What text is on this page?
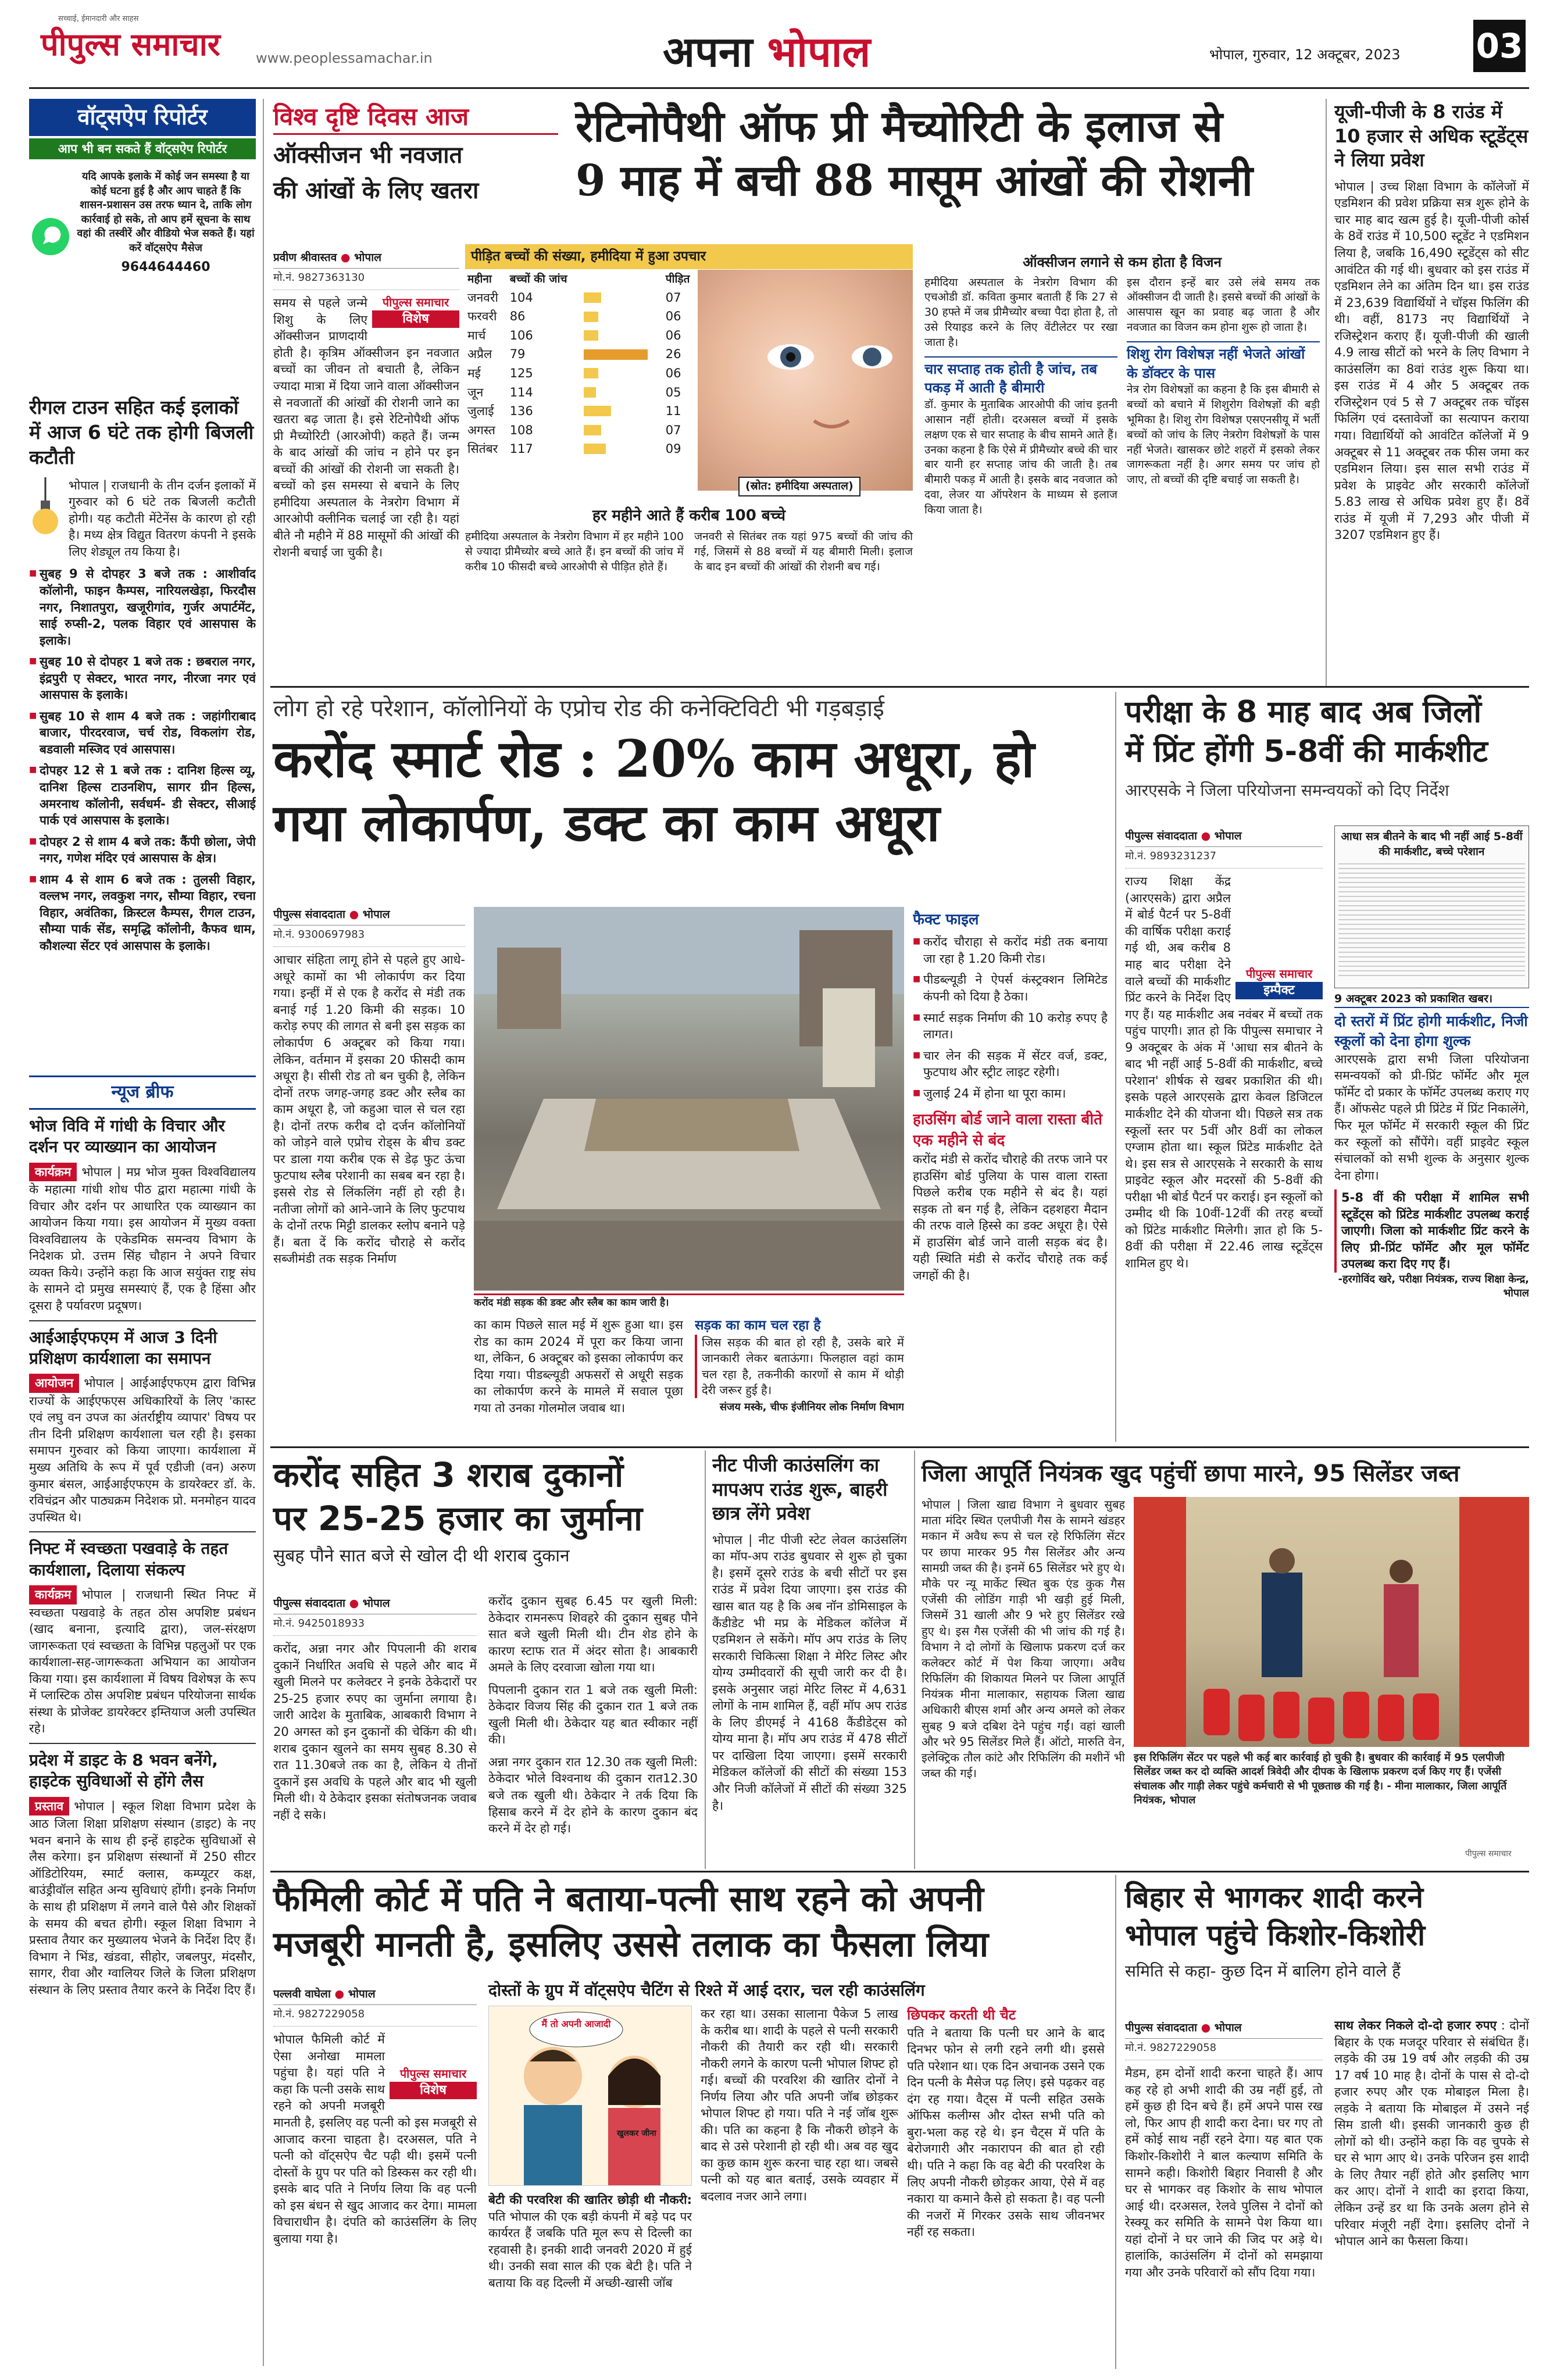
पीपुल्स समाचार
सच्चाई, ईमानदारी और साहस
www.peoplessamachar.in	अपना भोपाल	भोपाल, गुरुवार, 12 अक्टूबर, 2023 03
वॉट्सऐप रिपोर्टर
आप भी बन सकते हैं वॉट्सऐप रिपोर्टर
यदि आपके इलाके में कोई जन समस्या है या कोई घटना हुई है और आप चाहते हैं कि शासन-प्रशासन उस तरफ ध्यान दे, ताकि लोग कार्रवाई हो सके, तो आप हमें सूचना के साथ वहां की तस्वीरें और वीडियो भेज सकते हैं। यहां करें वॉट्सऐप मैसेज
9644644460
रीगल टाउन सहित कई इलाकों में आज 6 घंटे तक होगी बिजली कटौती
भोपाल | राजधानी के तीन दर्जन इलाकों में गुरुवार को 6 घंटे तक बिजली कटौती होगी। यह कटौती मेंटेनेंस के कारण हो रही है। मध्य क्षेत्र विद्युत वितरण कंपनी ने इसके लिए शेड्यूल तय किया है।
■ सुबह 9 से दोपहर 3 बजे तक : आशीर्वाद कॉलोनी, फाइन कैम्पस, नारियलखेड़ा, फिरदौस नगर, निशातपुरा, खजूरीगांव, गुर्जर अपार्टमेंट, साई रुप्सी-2, पलक विहार एवं आसपास के इलाके।
■ सुबह 10 से दोपहर 1 बजे तक : छबराल नगर, इंद्रपुरी ए सेक्टर, भारत नगर, नीरजा नगर एवं आसपास के इलाके।
■ सुबह 10 से शाम 4 बजे तक : जहांगीराबाद बाजार, पीरदरवाज, चर्च रोड, विकलांग रोड, बडवाली मस्जिद एवं आसपास।
■ दोपहर 12 से 1 बजे तक : दानिश हिल्स व्यू, दानिश हिल्स टाउनशिप, सागर ग्रीन हिल्स, अमरनाथ कॉलोनी, सर्वधर्म- डी सेक्टर, सीआई पार्क एवं आसपास के इलाके।
■ दोपहर 2 से शाम 4 बजे तक: कैंपी छोला, जेपी नगर, गणेश मंदिर एवं आसपास के क्षेत्र।
■ शाम 4 से शाम 6 बजे तक : तुलसी विहार, वल्लभ नगर, लवकुश नगर, सौम्या विहार, रचना विहार, अवंतिका, क्रिस्टल कैम्पस, रीगल टाउन, सौम्या पार्क सेंड, समृद्धि कॉलोनी, कैफव धाम, कौशल्या सेंटर एवं आसपास के इलाके।
न्यूज ब्रीफ
भोज विवि में गांधी के विचार और दर्शन पर व्याख्यान का आयोजन
कार्यक्रम भोपाल | मप्र भोज मुक्त विश्वविद्यालय के महात्मा गांधी शोध पीठ द्वारा महात्मा गांधी के विचार और दर्शन पर आधारित एक व्याख्यान का आयोजन किया गया। इस आयोजन में मुख्य वक्ता विश्वविद्यालय के एकेडमिक समन्वय विभाग के निदेशक प्रो. उत्तम सिंह चौहान ने अपने विचार व्यक्त किये। उन्होंने कहा कि आज सयुंक्त राष्ट्र संघ के सामने दो प्रमुख समस्याएं हैं, एक है हिंसा और दूसरा है पर्यावरण प्रदूषण।
आईआईएफएम में आज 3 दिनी प्रशिक्षण कार्यशाला का समापन
आयोजन भोपाल | आईआईएफएम द्वारा विभिन्न राज्यों के आईएफएस अधिकारियों के लिए 'कास्ट एवं लघु वन उपज का अंतर्राष्ट्रीय व्यापार' विषय पर तीन दिनी प्रशिक्षण कार्यशाला चल रही है। इसका समापन गुरुवार को किया जाएगा। कार्यशाला में मुख्य अतिथि के रूप में पूर्व एडीजी (वन) अरुण कुमार बंसल, आईआईएफएम के डायरेक्टर डॉ. के. रविचंद्रन और पाठ्यक्रम निदेशक प्रो. मनमोहन यादव उपस्थित थे।
निफ्ट में स्वच्छता पखवाड़े के तहत कार्यशाला, दिलाया संकल्प
कार्यक्रम भोपाल | राजधानी स्थित निफ्ट में स्वच्छता पखवाड़े के तहत ठोस अपशिष्ट प्रबंधन (खाद बनाना, इत्यादि द्वारा), जल-संरक्षण जागरूकता एवं स्वच्छता के विभिन्न पहलुओं पर एक कार्यशाला-सह-जागरूकता अभियान का आयोजन किया गया। इस कार्यशाला में विषय विशेषज्ञ के रूप में प्लास्टिक ठोस अपशिष्ट प्रबंधन परियोजना सार्थक संस्था के प्रोजेक्ट डायरेक्टर इम्तियाज अली उपस्थित रहे।
प्रदेश में डाइट के 8 भवन बनेंगे, हाइटेक सुविधाओं से होंगे लैस
प्रस्ताव भोपाल | स्कूल शिक्षा विभाग प्रदेश के आठ जिला शिक्षा प्रशिक्षण संस्थान (डाइट) के नए भवन बनाने के साथ ही इन्हें हाइटेक सुविधाओं से लैस करेगा। इन प्रशिक्षण संस्थानों में 250 सीटर ऑडिटोरियम, स्मार्ट क्लास, कम्प्यूटर कक्ष, बाउंड्रीवॉल सहित अन्य सुविधाएं होंगी। इनके निर्माण के साथ ही प्रशिक्षण में लगने वाले पैसे और शिक्षकों के समय की बचत होगी। स्कूल शिक्षा विभाग ने प्रस्ताव तैयार कर मुख्यालय भेजने के निर्देश दिए हैं। विभाग ने भिंड, खंडवा, सीहोर, जबलपुर, मंदसौर, सागर, रीवा और ग्वालियर जिले के जिला प्रशिक्षण संस्थान के लिए प्रस्ताव तैयार करने के निर्देश दिए हैं।
विश्व दृष्टि दिवस आज
ऑक्सीजन भी नवजात
की आंखों के लिए खतरा
रेटिनोपैथी ऑफ प्री मैच्योरिटी के इलाज से
9 माह में बची 88 मासूम आंखों की रोशनी
प्रवीण श्रीवास्तव ● भोपाल
मो.नं. 9827363130
पीपुल्स समाचार
विशेष
समय से पहले जन्मे शिशु के लिए ऑक्सीजन प्राणदायी होती है। कृत्रिम ऑक्सीजन इन नवजात बच्चों का जीवन तो बचाती है, लेकिन ज्यादा मात्रा में दिया जाने वाला ऑक्सीजन से नवजातों की आंखों की रोशनी जाने का खतरा बढ़ जाता है। इसे रेटिनोपैथी ऑफ प्री मैच्योरिटी (आरओपी) कहते हैं। जन्म के बाद आंखों की जांच न होने पर इन बच्चों की आंखों की रोशनी जा सकती है। बच्चों को इस समस्या से बचाने के लिए हमीदिया अस्पताल के नेत्ररोग विभाग में आरओपी क्लीनिक चलाई जा रही है। यहां बीते नौ महीने में 88 मासूमों की आंखों की रोशनी बचाई जा चुकी है।
पीड़ित बच्चों की संख्या, हमीदिया में हुआ उपचार
महीना	बच्चों की जांच		पीड़ित
जनवरी	104		07
फरवरी	86		06
मार्च	106		06
अप्रैल	79		26
मई	125		06
जून	114		05
जुलाई	136		11
अगस्त	108		07
सितंबर	117		09
(स्रोत: हमीदिया अस्पताल)
हर महीने आते हैं करीब 100 बच्चे
हमीदिया अस्पताल के नेत्ररोग विभाग में हर महीने 100 से ज्यादा प्रीमैच्योर बच्चे आते हैं। इन बच्चों की जांच में करीब 10 फीसदी बच्चे आरओपी से पीड़ित होते हैं।
जनवरी से सितंबर तक यहां 975 बच्चों की जांच की गई, जिसमें से 88 बच्चों में यह बीमारी मिली। इलाज के बाद इन बच्चों की आंखों की रोशनी बच गई।
ऑक्सीजन लगाने से कम होता है विजन
हमीदिया अस्पताल के नेत्ररोग विभाग की एचओडी डॉ. कविता कुमार बताती हैं कि 27 से 30 हफ्ते में जब प्रीमैच्योर बच्चा पैदा होता है, तो उसे रियाइड करने के लिए वेंटीलेटर पर रखा जाता है।
चार सप्ताह तक होती है जांच, तब पकड़ में आती है बीमारी
डॉ. कुमार के मुताबिक आरओपी की जांच इतनी आसान नहीं होती। दरअसल बच्चों में इसके लक्षण एक से चार सप्ताह के बीच सामने आते हैं। उनका कहना है कि ऐसे में प्रीमैच्योर बच्चे की चार बार यानी हर सप्ताह जांच की जाती है। तब बीमारी पकड़ में आती है। इसके बाद नवजात को दवा, लेजर या ऑपरेशन के माध्यम से इलाज किया जाता है।
इस दौरान इन्हें बार उसे लंबे समय तक ऑक्सीजन दी जाती है। इससे बच्चों की आंखों के आसपास खून का प्रवाह बढ़ जाता है और नवजात का विजन कम होना शुरू हो जाता है।
शिशु रोग विशेषज्ञ नहीं भेजते आंखों के डॉक्टर के पास
नेत्र रोग विशेषज्ञों का कहना है कि इस बीमारी से बच्चों को बचाने में शिशुरोग विशेषज्ञों की बड़ी भूमिका है। शिशु रोग विशेषज्ञ एसएनसीयू में भर्ती बच्चों को जांच के लिए नेत्ररोग विशेषज्ञों के पास नहीं भेजते। खासकर छोटे शहरों में इसको लेकर जागरूकता नहीं है। अगर समय पर जांच हो जाए, तो बच्चों की दृष्टि बचाई जा सकती है।
यूजी-पीजी के 8 राउंड में 10 हजार से अधिक स्टूडेंट्स ने लिया प्रवेश
भोपाल | उच्च शिक्षा विभाग के कॉलेजों में एडमिशन की प्रवेश प्रक्रिया सत्र शुरू होने के चार माह बाद खत्म हुई है। यूजी-पीजी कोर्स के 8वें राउंड में 10,500 स्टूडेंट ने एडमिशन लिया है, जबकि 16,490 स्टूडेंट्स को सीट आवंटित की गई थी। बुधवार को इस राउंड में एडमिशन लेने का अंतिम दिन था। इस राउंड में 23,639 विद्यार्थियों ने चॉइस फिलिंग की थी। वहीं, 8173 नए विद्यार्थियों ने रजिस्ट्रेशन कराए हैं। यूजी-पीजी की खाली 4.9 लाख सीटों को भरने के लिए विभाग ने काउंसलिंग का 8वां राउंड शुरू किया था। इस राउंड में 4 और 5 अक्टूबर तक रजिस्ट्रेशन एवं 5 से 7 अक्टूबर तक चॉइस फिलिंग एवं दस्तावेजों का सत्यापन कराया गया। विद्यार्थियों को आवंटित कॉलेजों में 9 अक्टूबर से 11 अक्टूबर तक फीस जमा कर एडमिशन लिया। इस साल सभी राउंड में प्रवेश के प्राइवेट और सरकारी कॉलेजों 5.83 लाख से अधिक प्रवेश हुए हैं। 8वें राउंड में यूजी में 7,293 और पीजी में 3207 एडमिशन हुए हैं।
लोग हो रहे परेशान, कॉलोनियों के एप्रोच रोड की कनेक्टिविटी भी गड़बड़ाई
करोंद स्मार्ट रोड : 20% काम अधूरा, हो
गया लोकार्पण, डक्ट का काम अधूरा
पीपुल्स संवाददाता ● भोपाल
मो.नं. 9300697983
आचार संहिता लागू होने से पहले हुए आधे-अधूरे कामों का भी लोकार्पण कर दिया गया। इन्हीं में से एक है करोंद से मंडी तक बनाई गई 1.20 किमी की सड़क। 10 करोड़ रुपए की लागत से बनी इस सड़क का लोकार्पण 6 अक्टूबर को किया गया। लेकिन, वर्तमान में इसका 20 फीसदी काम अधूरा है। सीसी रोड तो बन चुकी है, लेकिन दोनों तरफ जगह-जगह डक्ट और स्लैब का काम अधूरा है, जो कहुआ चाल से चल रहा है। दोनों तरफ करीब दो दर्जन कॉलोनियों को जोड़ने वाले एप्रोच रोड्स के बीच डक्ट पर डाला गया करीब एक से डेढ़ फुट ऊंचा फुटपाथ स्लैब परेशानी का सबब बन रहा है। इससे रोड से लिंकलिंग नहीं हो रही है। नतीजा लोगों को आने-जाने के लिए फुटपाथ के दोनों तरफ मिट्टी डालकर स्लोप बनाने पड़े हैं। बता दें कि करोंद चौराहे से करोंद सब्जीमंडी तक सड़क निर्माण
करोंद मंडी सड़क की डक्ट और स्लैब का काम जारी है।
का काम पिछले साल मई में शुरू हुआ था। इस रोड का काम 2024 में पूरा कर किया जाना था, लेकिन, 6 अक्टूबर को इसका लोकार्पण कर दिया गया। पीडब्ल्यूडी अफसरों से अधूरी सड़क का लोकार्पण करने के मामले में सवाल पूछा गया तो उनका गोलमोल जवाब था।
सड़क का काम चल रहा है
जिस सड़क की बात हो रही है, उसके बारे में जानकारी लेकर बताऊंगा। फिलहाल वहां काम चल रहा है, तकनीकी कारणों से काम में थोड़ी देरी जरूर हुई है।
संजय मस्के, चीफ इंजीनियर लोक निर्माण विभाग
फैक्ट फाइल
■ करोंद चौराहा से करोंद मंडी तक बनाया जा रहा है 1.20 किमी रोड।
■ पीडब्ल्यूडी ने ऐपर्स कंस्ट्रक्शन लिमिटेड कंपनी को दिया है ठेका।
■ स्मार्ट सड़क निर्माण की 10 करोड़ रुपए है लागत।
■ चार लेन की सड़क में सेंटर वर्ज, डक्ट, फुटपाथ और स्ट्रीट लाइट रहेगी।
■ जुलाई 24 में होना था पूरा काम।
हाउसिंग बोर्ड जाने वाला रास्ता बीते एक महीने से बंद
करोंद मंडी से करोंद चौराहे की तरफ जाने पर हाउसिंग बोर्ड पुलिया के पास वाला रास्ता पिछले करीब एक महीने से बंद है। यहां सड़क तो बन गई है, लेकिन दहशहरा मैदान की तरफ वाले हिस्से का डक्ट अधूरा है। ऐसे में हाउसिंग बोर्ड जाने वाली सड़क बंद है। यही स्थिति मंडी से करोंद चौराहे तक कई जगहों की है।
परीक्षा के 8 माह बाद अब जिलों
में प्रिंट होंगी 5-8वीं की मार्कशीट
आरएसके ने जिला परियोजना समन्वयकों को दिए निर्देश
पीपुल्स संवाददाता ● भोपाल
मो.नं. 9893231237
पीपुल्स समाचार
इम्पैक्ट
राज्य शिक्षा केंद्र (आरएसके) द्वारा अप्रैल में बोर्ड पैटर्न पर 5-8वीं की वार्षिक परीक्षा कराई गई थी, अब करीब 8 माह बाद परीक्षा देने वाले बच्चों की मार्कशीट प्रिंट करने के निर्देश दिए गए हैं। यह मार्कशीट अब नवंबर में बच्चों तक पहुंच पाएगी। ज्ञात हो कि पीपुल्स समाचार ने 9 अक्टूबर के अंक में 'आधा सत्र बीतने के बाद भी नहीं आई 5-8वीं की मार्कशीट, बच्चे परेशान' शीर्षक से खबर प्रकाशित की थी। इसके पहले आरएसके द्वारा केवल डिजिटल मार्कशीट देने की योजना थी। पिछले सत्र तक स्कूलों स्तर पर 5वीं और 8वीं का लोकल एग्जाम होता था। स्कूल प्रिंटेड मार्कशीट देते थे। इस सत्र से आरएसके ने सरकारी के साथ प्राइवेट स्कूल और मदरसों की 5-8वीं की परीक्षा भी बोर्ड पैटर्न पर कराई। इन स्कूलों को उम्मीद थी कि 10वीं-12वीं की तरह बच्चों को प्रिंटेड मार्कशीट मिलेगी। ज्ञात हो कि 5-8वीं की परीक्षा में 22.46 लाख स्टूडेंट्स शामिल हुए थे।
आधा सत्र बीतने के बाद भी नहीं आई 5-8वीं की मार्कशीट, बच्चे परेशान
9 अक्टूबर 2023 को प्रकाशित खबर।
दो स्तरों में प्रिंट होगी मार्कशीट, निजी स्कूलों को देना होगा शुल्क
आरएसके द्वारा सभी जिला परियोजना समन्वयकों को प्री-प्रिंट फॉर्मेट और मूल फॉर्मेट दो प्रकार के फॉर्मेट उपलब्ध कराए गए हैं। ऑफसेट पहले प्री प्रिंटेड में प्रिंट निकालेंगे, फिर मूल फॉर्मेट में सरकारी स्कूल की प्रिंट कर स्कूलों को सौंपेंगे। वहीं प्राइवेट स्कूल संचालकों को सभी शुल्क के अनुसार शुल्क देना होगा।
5-8 वीं की परीक्षा में शामिल सभी स्टूडेंट्स को प्रिंटेड मार्कशीट उपलब्ध कराई जाएगी। जिला को मार्कशीट प्रिंट करने के लिए प्री-प्रिंट फॉर्मेट और मूल फॉर्मेट उपलब्ध करा दिए गए हैं।
-हरगोविंद खरे, परीक्षा नियंत्रक, राज्य शिक्षा केन्द्र, भोपाल
करोंद सहित 3 शराब दुकानों
पर 25-25 हजार का जुर्माना
सुबह पौने सात बजे से खोल दी थी शराब दुकान
पीपुल्स संवाददाता ● भोपाल
मो.नं. 9425018933
करोंद, अन्ना नगर और पिपलानी की शराब दुकानें निर्धारित अवधि से पहले और बाद में खुली मिलने पर कलेक्टर ने इनके ठेकेदारों पर 25-25 हजार रुपए का जुर्माना लगाया है। जारी आदेश के मुताबिक, आबकारी विभाग ने 20 अगस्त को इन दुकानों की चेकिंग की थी। शराब दुकान खुलने का समय सुबह 8.30 से रात 11.30बजे तक का है, लेकिन ये तीनों दुकानें इस अवधि के पहले और बाद भी खुली मिली थी। ये ठेकेदार इसका संतोषजनक जवाब नहीं दे सके।
करोंद दुकान सुबह 6.45 पर खुली मिली: ठेकेदार रामनरूप शिवहरे की दुकान सुबह पौने सात बजे खुली मिली थी। टीन शेड होने के कारण स्टाफ रात में अंदर सोता है। आबकारी अमले के लिए दरवाजा खोला गया था।
पिपलानी दुकान रात 1 बजे तक खुली मिली: ठेकेदार विजय सिंह की दुकान रात 1 बजे तक खुली मिली थी। ठेकेदार यह बात स्वीकार नहीं की।
अन्ना नगर दुकान रात 12.30 तक खुली मिली: ठेकेदार भोले विश्वनाथ की दुकान रात12.30 बजे तक खुली थी। ठेकेदार ने तर्क दिया कि हिसाब करने में देर होने के कारण दुकान बंद करने में देर हो गई।
नीट पीजी काउंसलिंग का मापअप राउंड शुरू, बाहरी छात्र लेंगे प्रवेश
भोपाल | नीट पीजी स्टेट लेवल काउंसलिंग का मॉप-अप राउंड बुधवार से शुरू हो चुका है। इसमें दूसरे राउंड के बची सीटों पर इस राउंड में प्रवेश दिया जाएगा। इस राउंड की खास बात यह है कि अब नॉन डोमिसाइल के कैंडीडेट भी मप्र के मेडिकल कॉलेज में एडमिशन ले सकेंगे। मॉप अप राउंड के लिए सरकारी चिकित्सा शिक्षा ने मेरिट लिस्ट और योग्य उम्मीदवारों की सूची जारी कर दी है। इसके अनुसार जहां मेरिट लिस्ट में 4,631 लोगों के नाम शामिल हैं, वहीं मॉप अप राउंड के लिए डीएमई ने 4168 कैंडीडेट्स को योग्य माना है। मॉप अप राउंड में 478 सीटों पर दाखिला दिया जाएगा। इसमें सरकारी मेडिकल कॉलेजों की सीटों की संख्या 153 और निजी कॉलेजों में सीटों की संख्या 325 है।
जिला आपूर्ति नियंत्रक खुद पहुंचीं छापा मारने, 95 सिलेंडर जब्त
भोपाल | जिला खाद्य विभाग ने बुधवार सुबह माता मंदिर स्थित एलपीजी गैस के सामने खंडहर मकान में अवैध रूप से चल रहे रिफिलिंग सेंटर पर छापा मारकर 95 गैस सिलेंडर और अन्य सामग्री जब्त की है। इनमें 65 सिलेंडर भरे हुए थे। मौके पर न्यू मार्केट स्थित बुक एंड कुक गैस एजेंसी की लोडिंग गाड़ी भी खड़ी हुई मिली, जिसमें 31 खाली और 9 भरे हुए सिलेंडर रखे हुए थे। इस गैस एजेंसी की भी जांच की गई है। विभाग ने दो लोगों के खिलाफ प्रकरण दर्ज कर कलेक्टर कोर्ट में पेश किया जाएगा। अवैध रिफिलिंग की शिकायत मिलने पर जिला आपूर्ति नियंत्रक मीना मालाकार, सहायक जिला खाद्य अधिकारी बीएस शर्मा और अन्य अमले को लेकर सुबह 9 बजे दबिश देने पहुंच गईं। वहां खाली और भरे 95 सिलेंडर मिले हैं। ऑटो, मारुति वेन, इलेक्ट्रिक तौल कांटे और रिफिलिंग की मशीनें भी जब्त की गई।
इस रिफिलिंग सेंटर पर पहले भी कई बार कार्रवाई हो चुकी है। बुधवार की कार्रवाई में 95 एलपीजी सिलेंडर जब्त कर दो व्यक्ति आदर्श त्रिवेदी और दीपक के खिलाफ प्रकरण दर्ज किए गए हैं। एजेंसी संचालक और गाड़ी लेकर पहुंचे कर्मचारी से भी पूछताछ की गई है। - मीना मालाकार, जिला आपूर्ति नियंत्रक, भोपाल
पीपुल्स समाचार
फैमिली कोर्ट में पति ने बताया-पत्नी साथ रहने को अपनी
मजबूरी मानती है, इसलिए उससे तलाक का फैसला लिया
पल्लवी वाघेला ● भोपाल
मो.नं. 9827229058
पीपुल्स समाचार
विशेष
भोपाल फैमिली कोर्ट में ऐसा अनोखा मामला पहुंचा है। यहां पति ने कहा कि पत्नी उसके साथ रहने को अपनी मजबूरी मानती है, इसलिए वह पत्नी को इस मजबूरी से आजाद करना चाहता है। दरअसल, पति ने पत्नी को वॉट्सऐप चैट पढ़ी थी। इसमें पत्नी दोस्तों के ग्रुप पर पति को डिस्कस कर रही थी। इसके बाद पति ने निर्णय लिया कि वह पत्नी को इस बंधन से खुद आजाद कर देगा। मामला विचाराधीन है। दंपति को काउंसलिंग के लिए बुलाया गया है।
दोस्तों के ग्रुप में वॉट्सऐप चैटिंग से रिश्ते में आई दरार, चल रही काउंसलिंग
मैं तो अपनी आजादी
खुलकर जीना
बेटी की परवरिश की खातिर छोड़ी थी नौकरी: पति भोपाल की एक बड़ी कंपनी में बड़े पद पर कार्यरत हैं जबकि पति मूल रूप से दिल्ली का रहवासी है। इनकी शादी जनवरी 2020 में हुई थी। उनकी सवा साल की एक बेटी है। पति ने बताया कि वह दिल्ली में अच्छी-खासी जॉब
कर रहा था। उसका सालाना पैकेज 5 लाख के करीब था। शादी के पहले से पत्नी सरकारी नौकरी की तैयारी कर रही थी। सरकारी नौकरी लगने के कारण पत्नी भोपाल शिफ्ट हो गई। बच्चों की परवरिश की खातिर दोनों ने निर्णय लिया और पति अपनी जॉब छोड़कर भोपाल शिफ्ट हो गया। पति ने नई जॉब शुरू की। पति का कहना है कि नौकरी छोड़ने के बाद से उसे परेशानी हो रही थी। अब वह खुद का कुछ काम शुरू करना चाह रहा था। जबसे पत्नी को यह बात बताई, उसके व्यवहार में बदलाव नजर आने लगा।
छिपकर करती थी चैट
पति ने बताया कि पत्नी घर आने के बाद दिनभर फोन से लगी रहने लगी थी। इससे पति परेशान था। एक दिन अचानक उसने एक दिन पत्नी के मैसेज पढ़ लिए। इसे पढ़कर वह दंग रह गया। वैट्स में पत्नी सहित उसके ऑफिस कलीग्स और दोस्त सभी पति को बुरा-भला कह रहे थे। इन चैट्स में पति के बेरोजगारी और नकारापन की बात हो रही थी। पति ने कहा कि वह बेटी की परवरिश के लिए अपनी नौकरी छोड़कर आया, ऐसे में वह नकारा या कमाने कैसे हो सकता है। वह पत्नी की नजरों में गिरकर उसके साथ जीवनभर नहीं रह सकता।
बिहार से भागकर शादी करने
भोपाल पहुंचे किशोर-किशोरी
समिति से कहा- कुछ दिन में बालिग होने वाले हैं
पीपुल्स संवाददाता ● भोपाल
मो.नं. 9827229058
मैडम, हम दोनों शादी करना चाहते हैं। आप कह रहे हो अभी शादी की उम्र नहीं हुई, तो हमें कुछ ही दिन बचे हैं। हमें अपने पास रख लो, फिर आप ही शादी करा देना। घर गए तो हमें कोई साथ नहीं रहने देगा। यह बात एक किशोर-किशोरी ने बाल कल्याण समिति के सामने कही। किशोरी बिहार निवासी है और घर से भागकर वह किशोर के साथ भोपाल आई थी। दरअसल, रेलवे पुलिस ने दोनों को रेस्क्यू कर समिति के सामने पेश किया था। यहां दोनों ने घर जाने की जिद पर अड़े थे। हालांकि, काउंसलिंग में दोनों को समझाया गया और उनके परिवारों को सौंप दिया गया।
साथ लेकर निकले दो-दो हजार रुपए : दोनों बिहार के एक मजदूर परिवार से संबंधित हैं। लड़के की उम्र 19 वर्ष और लड़की की उम्र 17 वर्ष 10 माह है। दोनों के पास से दो-दो हजार रुपए और एक मोबाइल मिला है। लड़के ने बताया कि मोबाइल में उसने नई सिम डाली थी। इसकी जानकारी कुछ ही लोगों को थी। उन्होंने कहा कि वह चुपके से घर से भाग आए थे। उनके परिजन इस शादी के लिए तैयार नहीं होते और इसलिए भाग कर आए। दोनों ने शादी का इरादा किया, लेकिन उन्हें डर था कि उनके अलग होने से परिवार मंजूरी नहीं देगा। इसलिए दोनों ने भोपाल आने का फैसला किया।
